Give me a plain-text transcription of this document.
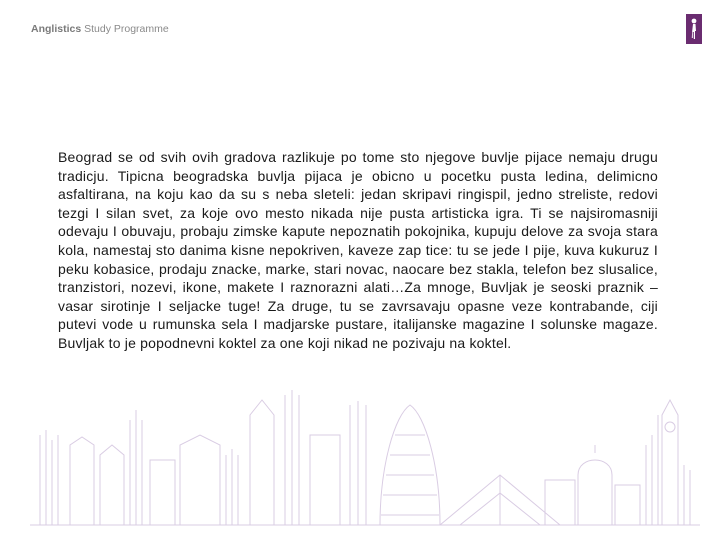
Anglistics Study Programme
Beograd se od svih ovih gradova razlikuje po tome sto njegove buvlje pijace nemaju drugu tradicju. Tipicna beogradska buvlja pijaca je obicno u pocetku pusta ledina, delimicno asfaltirana, na koju kao da su s neba sleteli: jedan skripavi ringispil, jedno streliste, redovi tezgi I silan svet, za koje ovo mesto nikada nije pusta artisticka igra. Ti se najsiromasniji odevaju I obuvaju, probaju zimske kapute nepoznatih pokojnika, kupuju delove za svoja stara kola, namestaj sto danima kisne nepokriven, kaveze zap tice: tu se jede I pije, kuva kukuruz I peku kobasice, prodaju znacke, marke, stari novac, naocare bez stakla, telefon bez slusalice, tranzistori, nozevi, ikone, makete I raznorazni alati…Za mnoge, Buvljak je seoski praznik – vasar sirotinje I seljacke tuge! Za druge, tu se zavrsavaju opasne veze kontrabande, ciji putevi vode u rumunska sela I madjarske pustare, italijanske magazine I solunske magaze. Buvljak to je popodnevni koktel za one koji nikad ne pozivaju na koktel.
